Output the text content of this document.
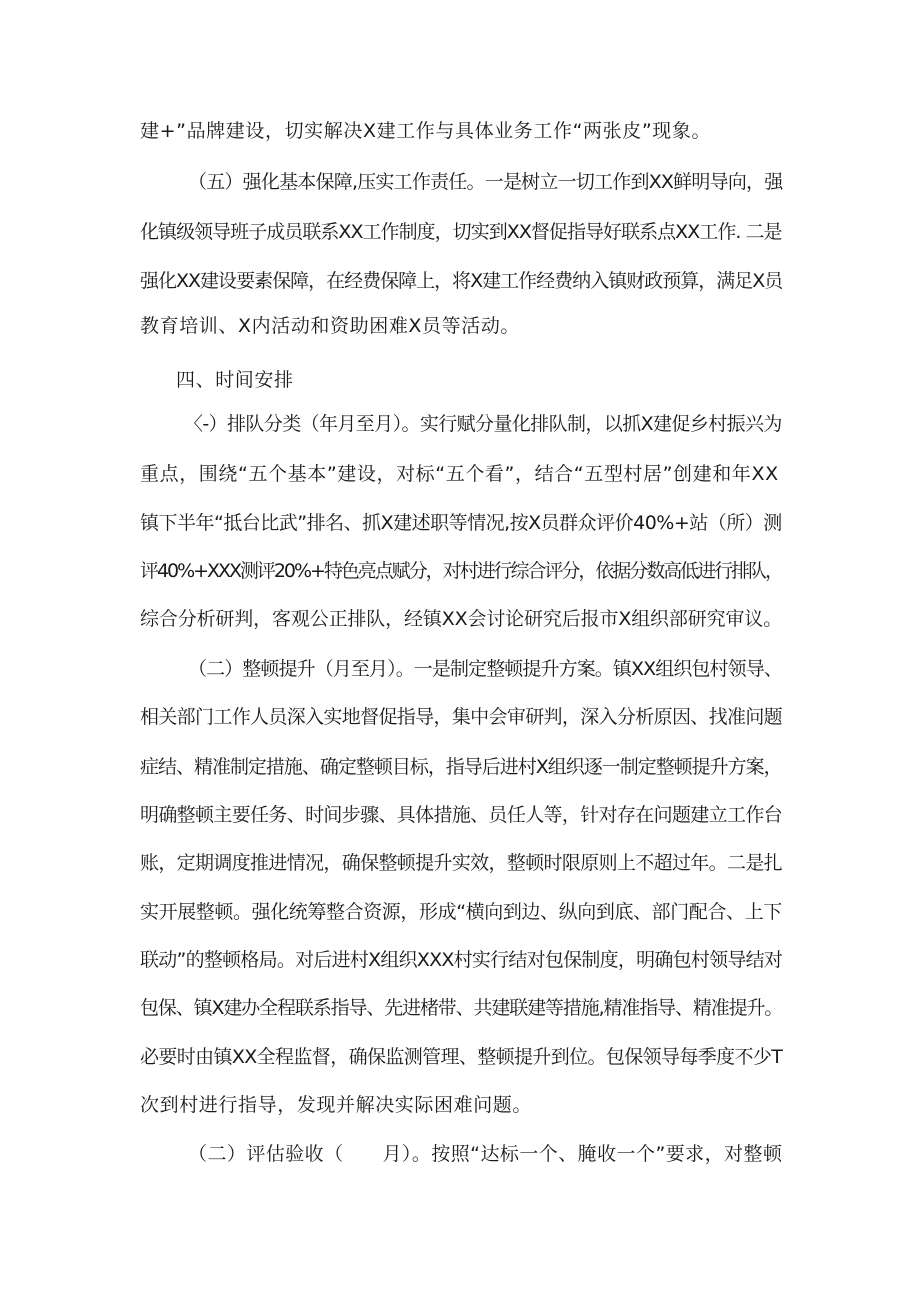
建+”品牌建设，切实解决X建工作与具体业务工作“两张皮”现象。
（五）强化基本保障,压实工作责任。一是树立一切工作到XX鲜明导向，强
化镇级领导班子成员联系XX工作制度，切实到XX督促指导好联系点XX工作. 二是
强化XX建设要素保障，在经费保障上，将X建工作经费纳入镇财政预算，满足X员
教育培训、X内活动和资助困难X员等活动。
四、时间安排
〈-）排队分类（年月至月）。实行赋分量化排队制，以抓X建促乡村振兴为
重点，围绕“五个基本”建设，对标“五个看”，结合“五型村居”创建和年XX
镇下半年“抵台比武”排名、抓X建述职等情况,按X员群众评价40%+站（所）测
评40%+XXX测评20%+特色亮点赋分，对村进行综合评分，依据分数高低进行排队，
综合分析研判，客观公正排队，经镇XX会讨论研究后报市X组织部研究审议。
（二）整顿提升（月至月）。一是制定整顿提升方案。镇XX组织包村领导、
相关部门工作人员深入实地督促指导，集中会审研判，深入分析原因、找准问题
症结、精准制定措施、确定整顿目标，指导后进村X组织逐一制定整顿提升方案，
明确整顿主要任务、时间步骤、具体措施、员任人等，针对存在问题建立工作台
账，定期调度推进情况，确保整顿提升实效，整顿时限原则上不超过年。二是扎
实开展整顿。强化统筹整合资源，形成“横向到边、纵向到底、部门配合、上下
联动”的整顿格局。对后进村X组织XXX村实行结对包保制度，明确包村领导结对
包保、镇X建办全程联系指导、先进楮带、共建联建等措施,精准指导、精准提升。
必要时由镇XX全程监督，确保监测管理、整顿提升到位。包保领导每季度不少T
次到村进行指导，发现并解决实际困难问题。
（二）评估验收（　　月）。按照“达标一个、腌收一个”要求，对整顿
